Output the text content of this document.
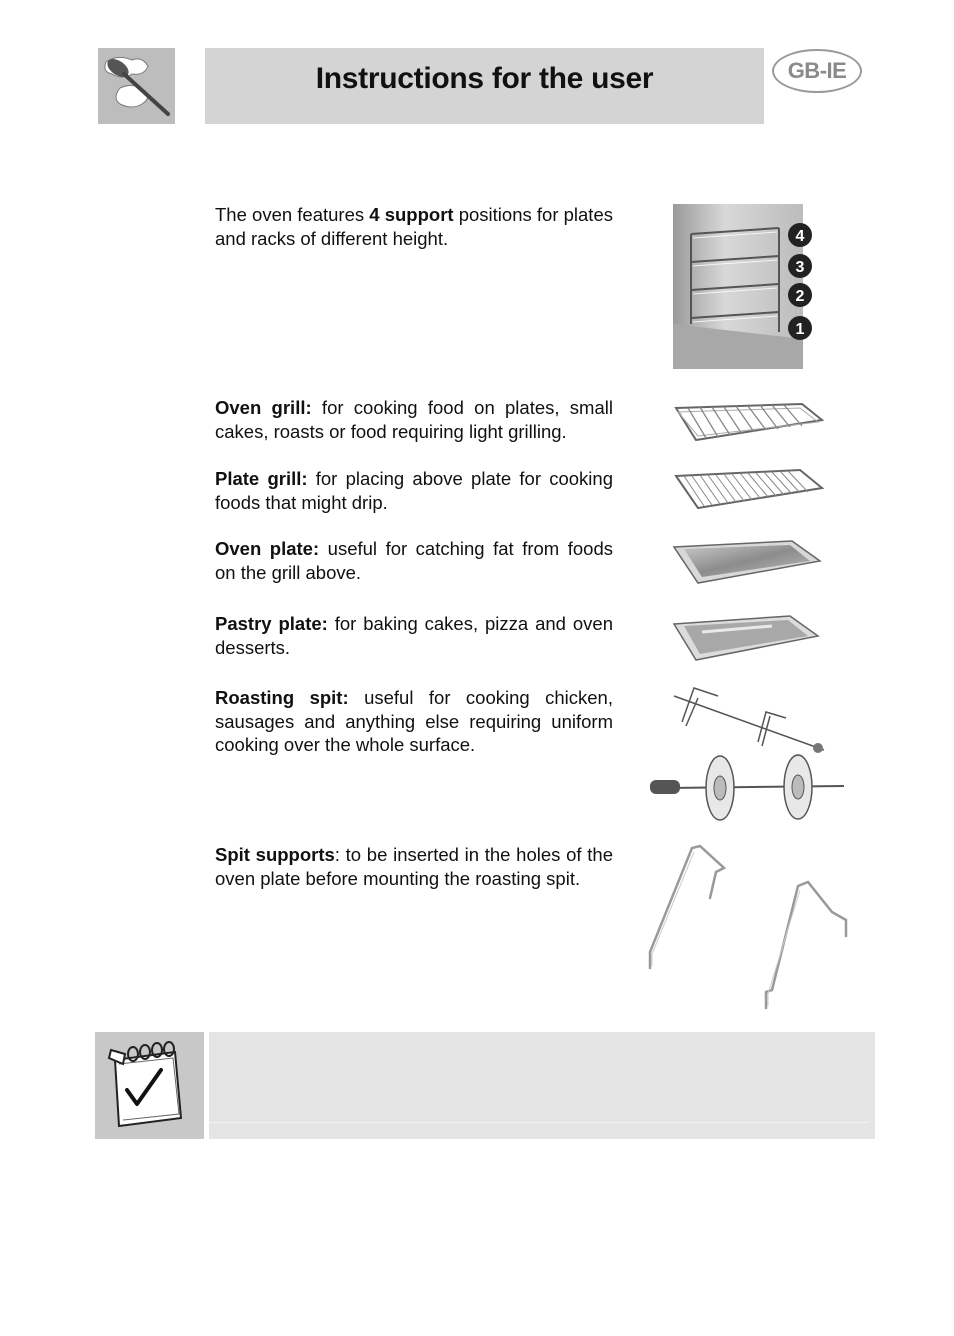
Instructions for the user	GB-IE
The oven features 4 support positions for plates and racks of different height.	4
3
2
1
Oven grill: for cooking food on plates, small cakes, roasts or food requiring light grilling.
Plate grill: for placing above plate for cooking foods that might drip.
Oven plate: useful for catching fat from foods on the grill above.
Pastry plate: for baking cakes, pizza and oven desserts.
Roasting spit: useful for cooking chicken, sausages and anything else requiring uniform cooking over the whole surface.
Spit supports: to be inserted in the holes of the oven plate before mounting the roasting spit.
